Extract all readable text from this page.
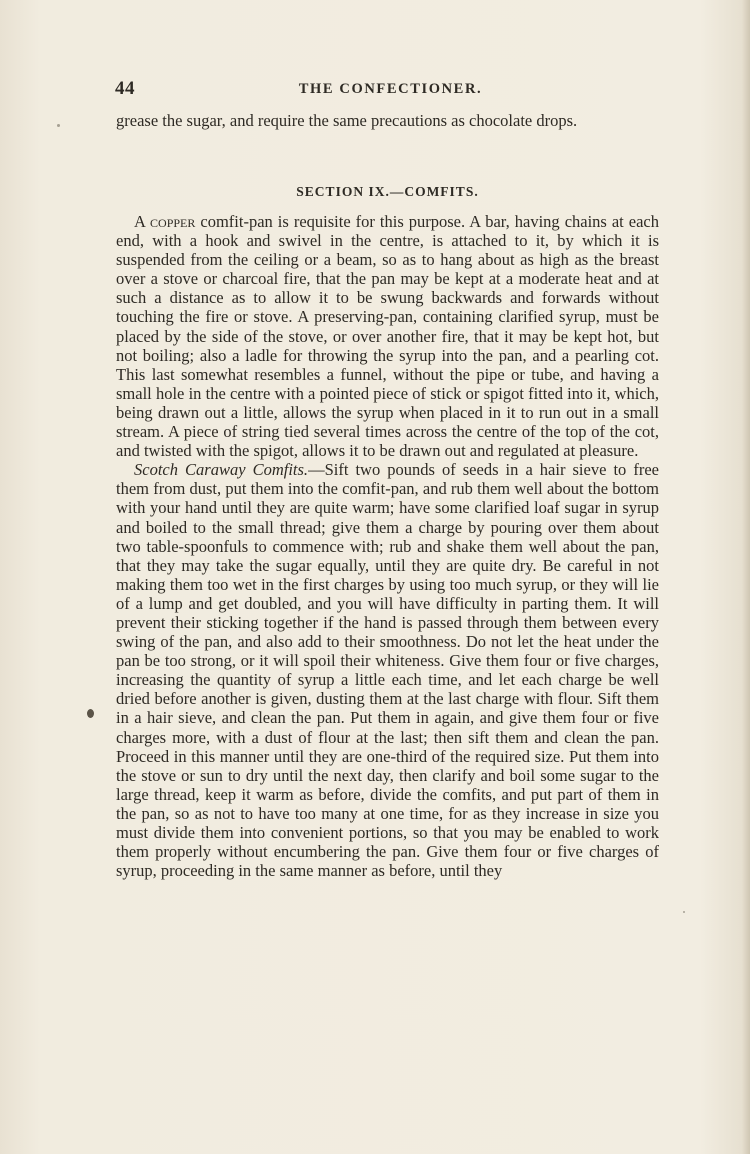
44	THE CONFECTIONER.

grease the sugar, and require the same precautions as chocolate drops.

SECTION IX.—COMFITS.

A copper comfit-pan is requisite for this purpose. A bar, having chains at each end, with a hook and swivel in the centre, is attached to it, by which it is suspended from the ceiling or a beam, so as to hang about as high as the breast over a stove or charcoal fire, that the pan may be kept at a moderate heat and at such a distance as to allow it to be swung backwards and forwards without touching the fire or stove. A preserving-pan, containing clarified syrup, must be placed by the side of the stove, or over another fire, that it may be kept hot, but not boiling; also a ladle for throwing the syrup into the pan, and a pearling cot. This last somewhat resembles a funnel, without the pipe or tube, and having a small hole in the centre with a pointed piece of stick or spigot fitted into it, which, being drawn out a little, allows the syrup when placed in it to run out in a small stream. A piece of string tied several times across the centre of the top of the cot, and twisted with the spigot, allows it to be drawn out and regulated at pleasure.

Scotch Caraway Comfits.—Sift two pounds of seeds in a hair sieve to free them from dust, put them into the comfit-pan, and rub them well about the bottom with your hand until they are quite warm; have some clarified loaf sugar in syrup and boiled to the small thread; give them a charge by pouring over them about two table-spoonfuls to commence with; rub and shake them well about the pan, that they may take the sugar equally, until they are quite dry. Be careful in not making them too wet in the first charges by using too much syrup, or they will lie of a lump and get doubled, and you will have difficulty in parting them. It will prevent their sticking together if the hand is passed through them between every swing of the pan, and also add to their smoothness. Do not let the heat under the pan be too strong, or it will spoil their whiteness. Give them four or five charges, increasing the quantity of syrup a little each time, and let each charge be well dried before another is given, dusting them at the last charge with flour. Sift them in a hair sieve, and clean the pan. Put them in again, and give them four or five charges more, with a dust of flour at the last; then sift them and clean the pan. Proceed in this manner until they are one-third of the required size. Put them into the stove or sun to dry until the next day, then clarify and boil some sugar to the large thread, keep it warm as before, divide the comfits, and put part of them in the pan, so as not to have too many at one time, for as they increase in size you must divide them into convenient portions, so that you may be enabled to work them properly without encumbering the pan. Give them four or five charges of syrup, proceeding in the same manner as before, until they
